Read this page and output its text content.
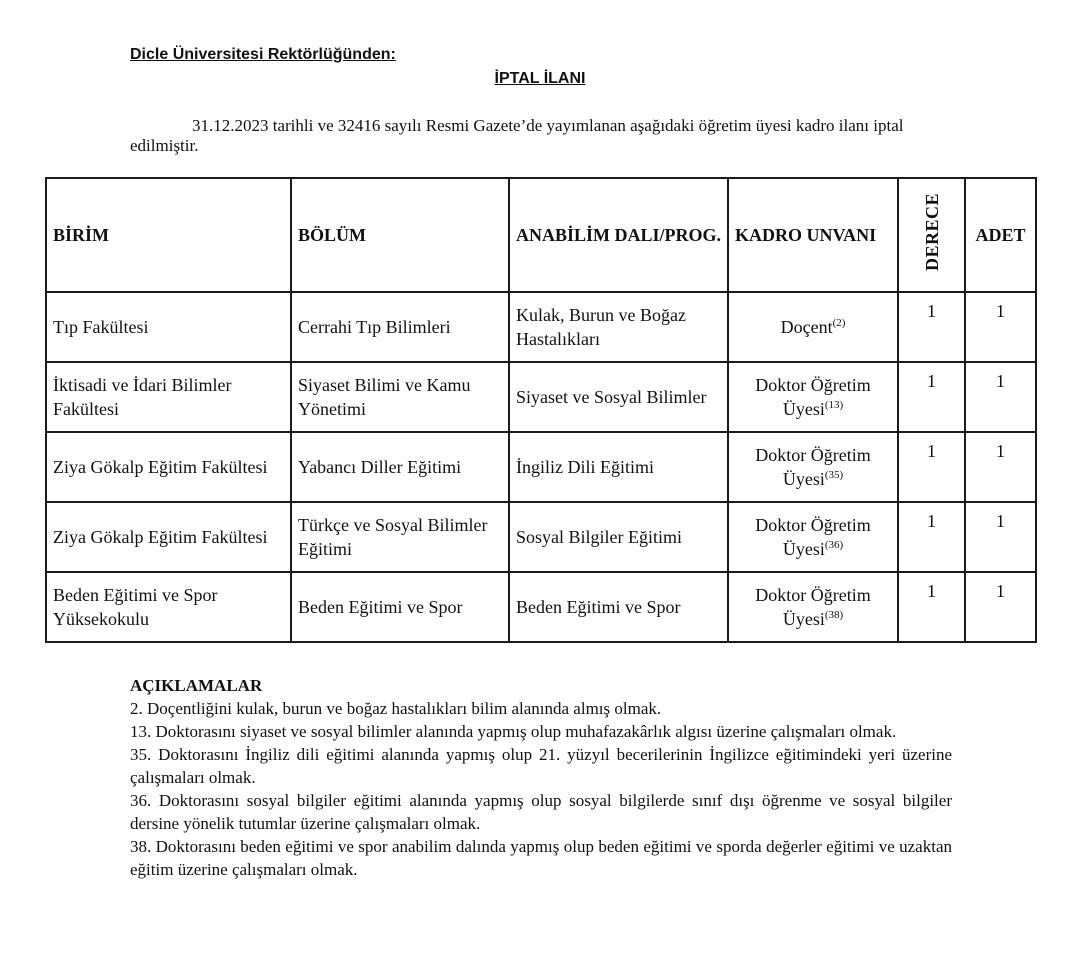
Dicle Üniversitesi Rektörlüğünden:

İPTAL İLANI

31.12.2023 tarihli ve 32416 sayılı Resmi Gazete’de yayımlanan aşağıdaki öğretim üyesi kadro ilanı iptal edilmiştir.

BİRİM	BÖLÜM	ANABİLİM DALI/PROG.	KADRO UNVANI	DERECE	ADET
Tıp Fakültesi	Cerrahi Tıp Bilimleri	Kulak, Burun ve Boğaz Hastalıkları	Doçent$^{(2)}$	1	1
İktisadi ve İdari Bilimler Fakültesi	Siyaset Bilimi ve Kamu Yönetimi	Siyaset ve Sosyal Bilimler	Doktor Öğretim Üyesi$^{(13)}$	1	1
Ziya Gökalp Eğitim Fakültesi	Yabancı Diller Eğitimi	İngiliz Dili Eğitimi	Doktor Öğretim Üyesi$^{(35)}$	1	1
Ziya Gökalp Eğitim Fakültesi	Türkçe ve Sosyal Bilimler Eğitimi	Sosyal Bilgiler Eğitimi	Doktor Öğretim Üyesi$^{(36)}$	1	1
Beden Eğitimi ve Spor Yüksekokulu	Beden Eğitimi ve Spor	Beden Eğitimi ve Spor	Doktor Öğretim Üyesi$^{(38)}$	1	1
AÇIKLAMALAR

2. Doçentliğini kulak, burun ve boğaz hastalıkları bilim alanında almış olmak.

13. Doktorasını siyaset ve sosyal bilimler alanında yapmış olup muhafazakârlık algısı üzerine çalışmaları olmak.

35. Doktorasını İngiliz dili eğitimi alanında yapmış olup 21. yüzyıl becerilerinin İngilizce eğitimindeki yeri üzerine çalışmaları olmak.

36. Doktorasını sosyal bilgiler eğitimi alanında yapmış olup sosyal bilgilerde sınıf dışı öğrenme ve sosyal bilgiler dersine yönelik tutumlar üzerine çalışmaları olmak.

38. Doktorasını beden eğitimi ve spor anabilim dalında yapmış olup beden eğitimi ve sporda değerler eğitimi ve uzaktan eğitim üzerine çalışmaları olmak.
